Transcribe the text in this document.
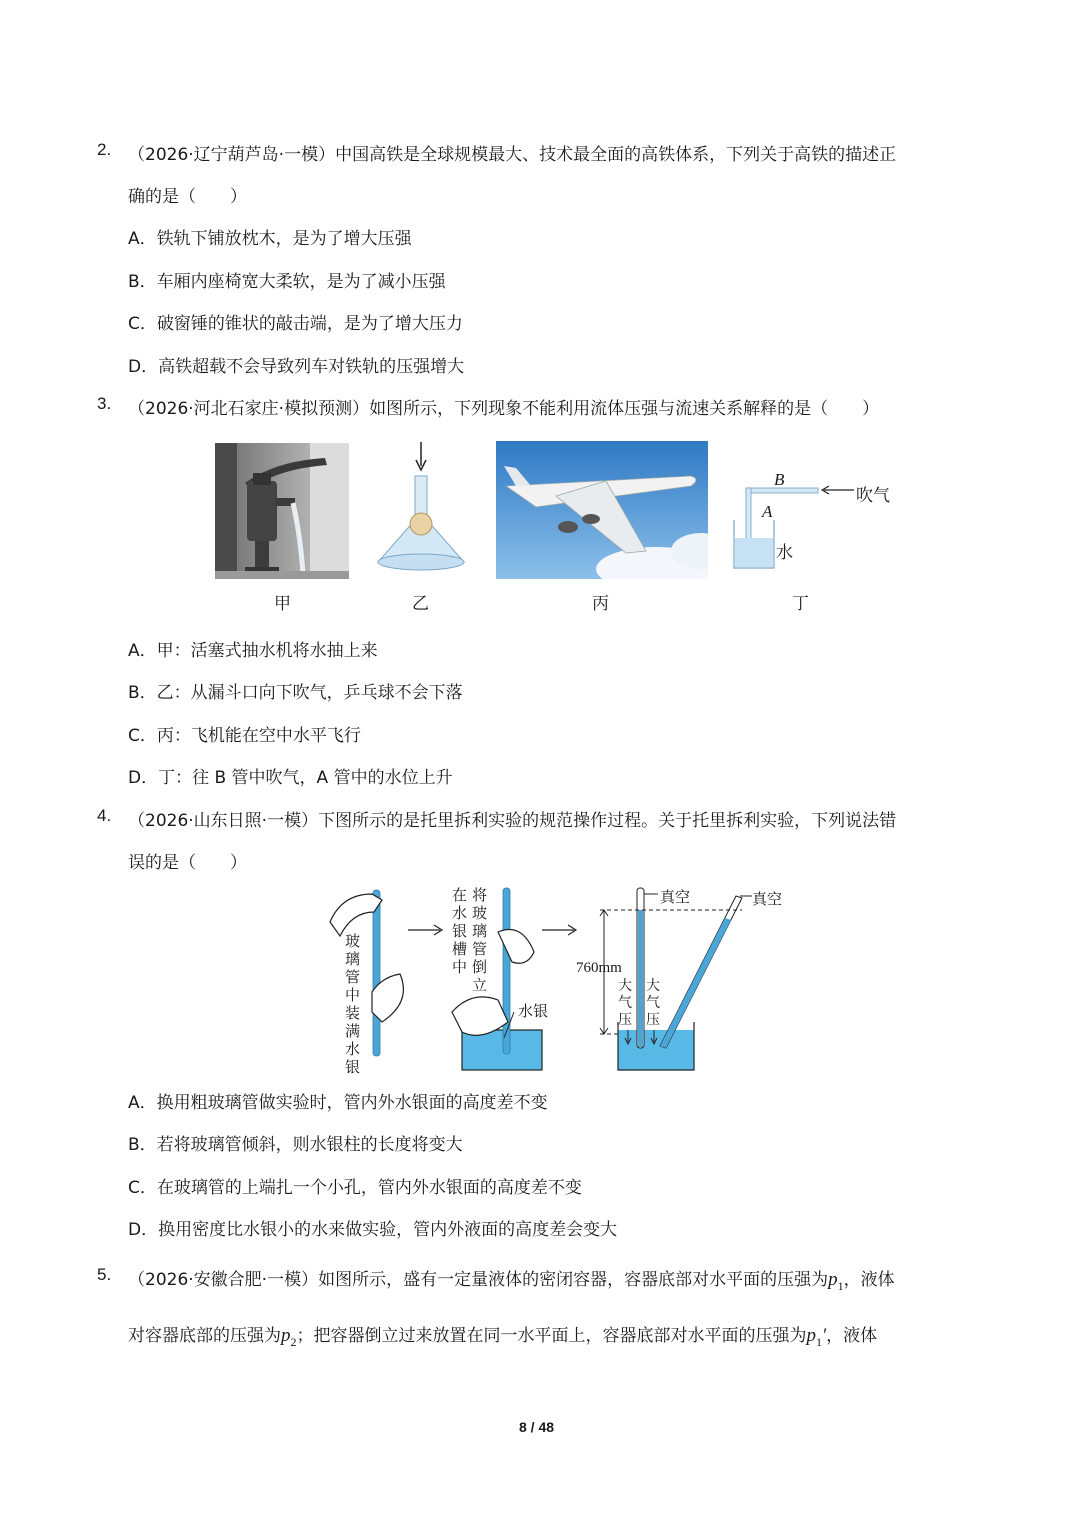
2. （2026·辽宁葫芦岛·一模）中国高铁是全球规模最大、技术最全面的高铁体系，下列关于高铁的描述正
确的是（　　）
A．铁轨下铺放枕木，是为了增大压强
B．车厢内座椅宽大柔软，是为了减小压强
C．破窗锤的锥状的敲击端，是为了增大压力
D．高铁超载不会导致列车对铁轨的压强增大
3. （2026·河北石家庄·模拟预测）如图所示，下列现象不能利用流体压强与流速关系解释的是（　　）
甲	乙	丙
B
A
吹气
水
丁
A．甲：活塞式抽水机将水抽上来
B．乙：从漏斗口向下吹气，乒乓球不会下落
C．丙：飞机能在空中水平飞行
D．丁：往 B 管中吹气，A 管中的水位上升
4. （2026·山东日照·一模）下图所示的是托里拆利实验的规范操作过程。关于托里拆利实验，下列说法错
误的是（　　）
玻璃管中装满水银
在水银槽中
将玻璃管倒立
水银
真空	真空
760mm
大气压
大气压
A．换用粗玻璃管做实验时，管内外水银面的高度差不变
B．若将玻璃管倾斜，则水银柱的长度将变大
C．在玻璃管的上端扎一个小孔，管内外水银面的高度差不变
D．换用密度比水银小的水来做实验，管内外液面的高度差会变大
5. （2026·安徽合肥·一模）如图所示，盛有一定量液体的密闭容器，容器底部对水平面的压强为$p_1$，液体
对容器底部的压强为$p_2$；把容器倒立过来放置在同一水平面上，容器底部对水平面的压强为$p_1'$，液体
8 / 48
